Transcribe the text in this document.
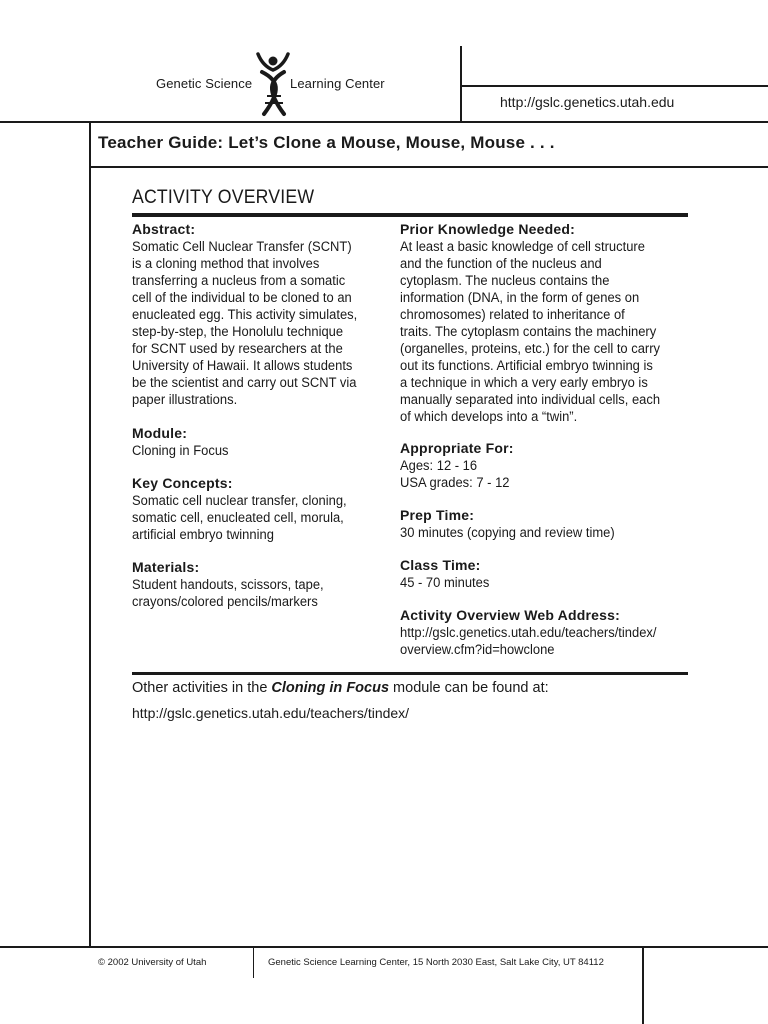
Genetic Science	Learning Center
http://gslc.genetics.utah.edu
Teacher Guide: Let’s Clone a Mouse, Mouse, Mouse . . .
ACTIVITY OVERVIEW
Abstract:
Somatic Cell Nuclear Transfer (SCNT)
is a cloning method that involves
transferring a nucleus from a somatic
cell of the individual to be cloned to an
enucleated egg. This activity simulates,
step-by-step, the Honolulu technique
for SCNT used by researchers at the
University of Hawaii. It allows students
be the scientist and carry out SCNT via
paper illustrations.
Module:
Cloning in Focus
Key Concepts:
Somatic cell nuclear transfer, cloning,
somatic cell, enucleated cell, morula,
artificial embryo twinning
Materials:
Student handouts, scissors, tape,
crayons/colored pencils/markers
Prior Knowledge Needed:
At least a basic knowledge of cell structure
and the function of the nucleus and
cytoplasm. The nucleus contains the
information (DNA, in the form of genes on
chromosomes) related to inheritance of
traits. The cytoplasm contains the machinery
(organelles, proteins, etc.) for the cell to carry
out its functions. Artificial embryo twinning is
a technique in which a very early embryo is
manually separated into individual cells, each
of which develops into a “twin”.
Appropriate For:
Ages: 12 - 16
USA grades: 7 - 12
Prep Time:
30 minutes (copying and review time)
Class Time:
45 - 70 minutes
Activity Overview Web Address:
http://gslc.genetics.utah.edu/teachers/tindex/
overview.cfm?id=howclone
Other activities in the Cloning in Focus module can be found at:
http://gslc.genetics.utah.edu/teachers/tindex/
© 2002 University of Utah	Genetic Science Learning Center, 15 North 2030 East, Salt Lake City, UT 84112
